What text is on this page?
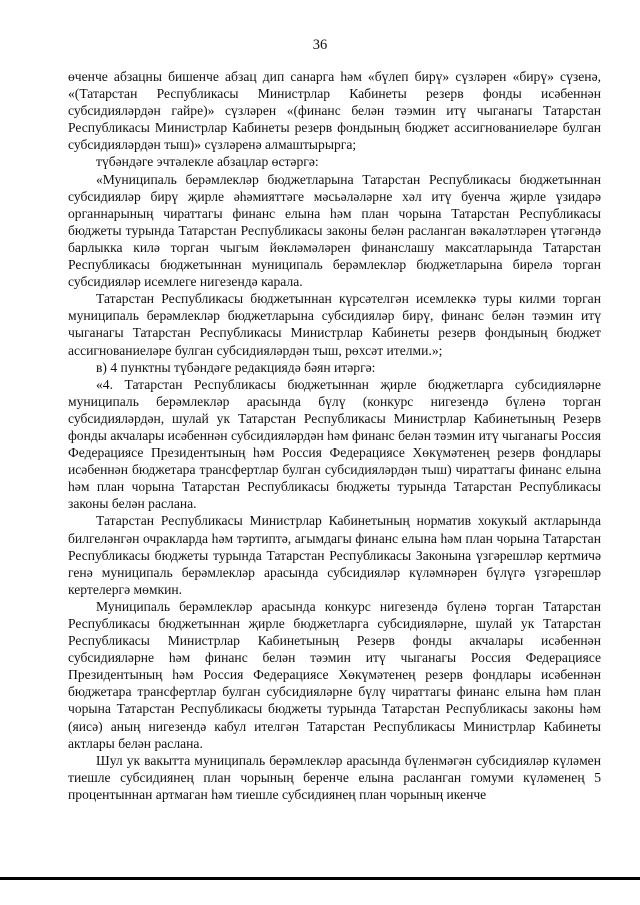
36

өченче абзацны бишенче абзац дип санарга һәм «бүлеп бирү» сүзләрен «бирү» сүзенә, «(Татарстан Республикасы Министрлар Кабинеты резерв фонды исәбеннән субсидияләрдән гайре)» сүзләрен «(финанс белән тәэмин итү чыганагы Татарстан Республикасы Министрлар Кабинеты резерв фондының бюджет ассигнованиеләре булган субсидияләрдән тыш)» сүзләренә алмаштырырга;

түбәндәге эчтәлекле абзацлар өстәргә:

«Муниципаль берәмлекләр бюджетларына Татарстан Республикасы бюджетыннан субсидияләр бирү җирле әһәмияттәге мәсьәләләрне хәл итү буенча җирле үзидарә органнарының чираттагы финанс елына һәм план чорына Татарстан Республикасы бюджеты турында Татарстан Республикасы законы белән расланган вәкаләтләрен үтәгәндә барлыкка килә торган чыгым йөкләмәләрен финанслашу максатларында Татарстан Республикасы бюджетыннан муниципаль берәмлекләр бюджетларына бирелә торган субсидияләр исемлеге нигезендә карала.

Татарстан Республикасы бюджетыннан күрсәтелгән исемлеккә туры килми торган муниципаль берәмлекләр бюджетларына субсидияләр бирү, финанс белән тәэмин итү чыганагы Татарстан Республикасы Министрлар Кабинеты резерв фондының бюджет ассигнованиеләре булган субсидияләрдән тыш, рөхсәт ителми.»;

в) 4 пунктны түбәндәге редакциядә бәян итәргә:

«4. Татарстан Республикасы бюджетыннан җирле бюджетларга субсидияләрне муниципаль берәмлекләр арасында бүлү (конкурс нигезендә бүленә торган субсидияләрдән, шулай ук Татарстан Республикасы Министрлар Кабинетының Резерв фонды акчалары исәбеннән субсидияләрдән һәм финанс белән тәэмин итү чыганагы Россия Федерациясе Президентының һәм Россия Федерациясе Хөкүмәтенең резерв фондлары исәбеннән бюджетара трансфертлар булган субсидияләрдән тыш) чираттагы финанс елына һәм план чорына Татарстан Республикасы бюджеты турында Татарстан Республикасы законы белән раслана.

Татарстан Республикасы Министрлар Кабинетының норматив хокукый актларында билгеләнгән очракларда һәм тәртиптә, агымдагы финанс елына һәм план чорына Татарстан Республикасы бюджеты турында Татарстан Республикасы Законына үзгәрешләр кертмичә генә муниципаль берәмлекләр арасында субсидияләр күләмнәрен бүлүгә үзгәрешләр кертелергә мөмкин.

Муниципаль берәмлекләр арасында конкурс нигезендә бүленә торган Татарстан Республикасы бюджетыннан җирле бюджетларга субсидияләрне, шулай ук Татарстан Республикасы Министрлар Кабинетының Резерв фонды акчалары исәбеннән субсидияләрне һәм финанс белән тәэмин итү чыганагы Россия Федерациясе Президентының һәм Россия Федерациясе Хөкүмәтенең резерв фондлары исәбеннән бюджетара трансфертлар булган субсидияләрне бүлү чираттагы финанс елына һәм план чорына Татарстан Республикасы бюджеты турында Татарстан Республикасы законы һәм (яисә) аның нигезендә кабул ителгән Татарстан Республикасы Министрлар Кабинеты актлары белән раслана.

Шул ук вакытта муниципаль берәмлекләр арасында бүленмәгән субсидияләр күләмен тиешле субсидиянең план чорының беренче елына расланган гомуми күләменең 5 процентыннан артмаган һәм тиешле субсидиянең план чорының икенче
